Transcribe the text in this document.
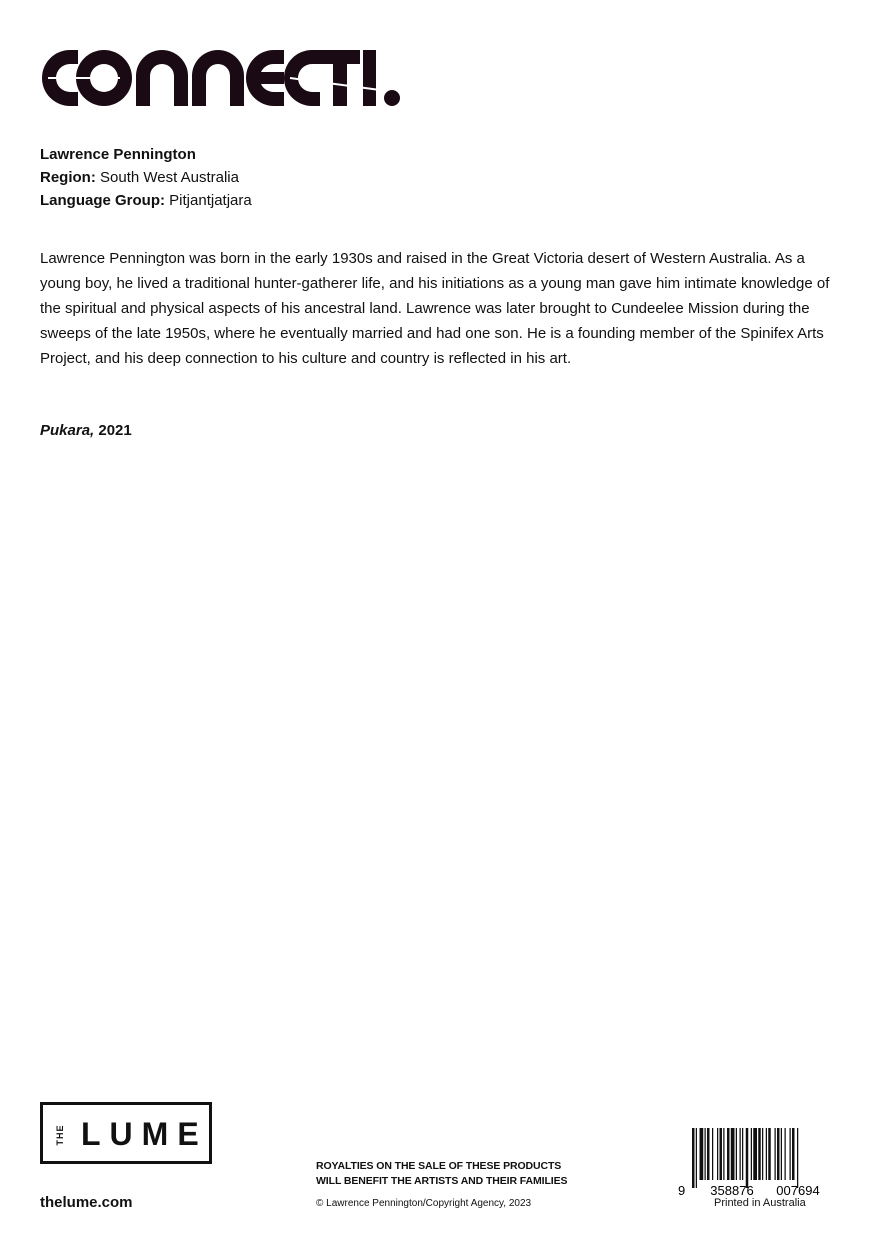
Lawrence Pennington
Region: South West Australia
Language Group: Pitjantjatjara

Lawrence Pennington was born in the early 1930s and raised in the Great Victoria desert of Western Australia. As a young boy, he lived a traditional hunter-gatherer life, and his initiations as a young man gave him intimate knowledge of the spiritual and physical aspects of his ancestral land. Lawrence was later brought to Cundeelee Mission during the sweeps of the late 1950s, where he eventually married and had one son. He is a founding member of the Spinifex Arts Project, and his deep connection to his culture and country is reflected in his art.

Pukara, 2021
THE LUME
thelume.com
ROYALTIES ON THE SALE OF THESE PRODUCTS
WILL BENEFIT THE ARTISTS AND THEIR FAMILIES
© Lawrence Pennington/Copyright Agency, 2023
9 358876 007694
Printed in Australia
